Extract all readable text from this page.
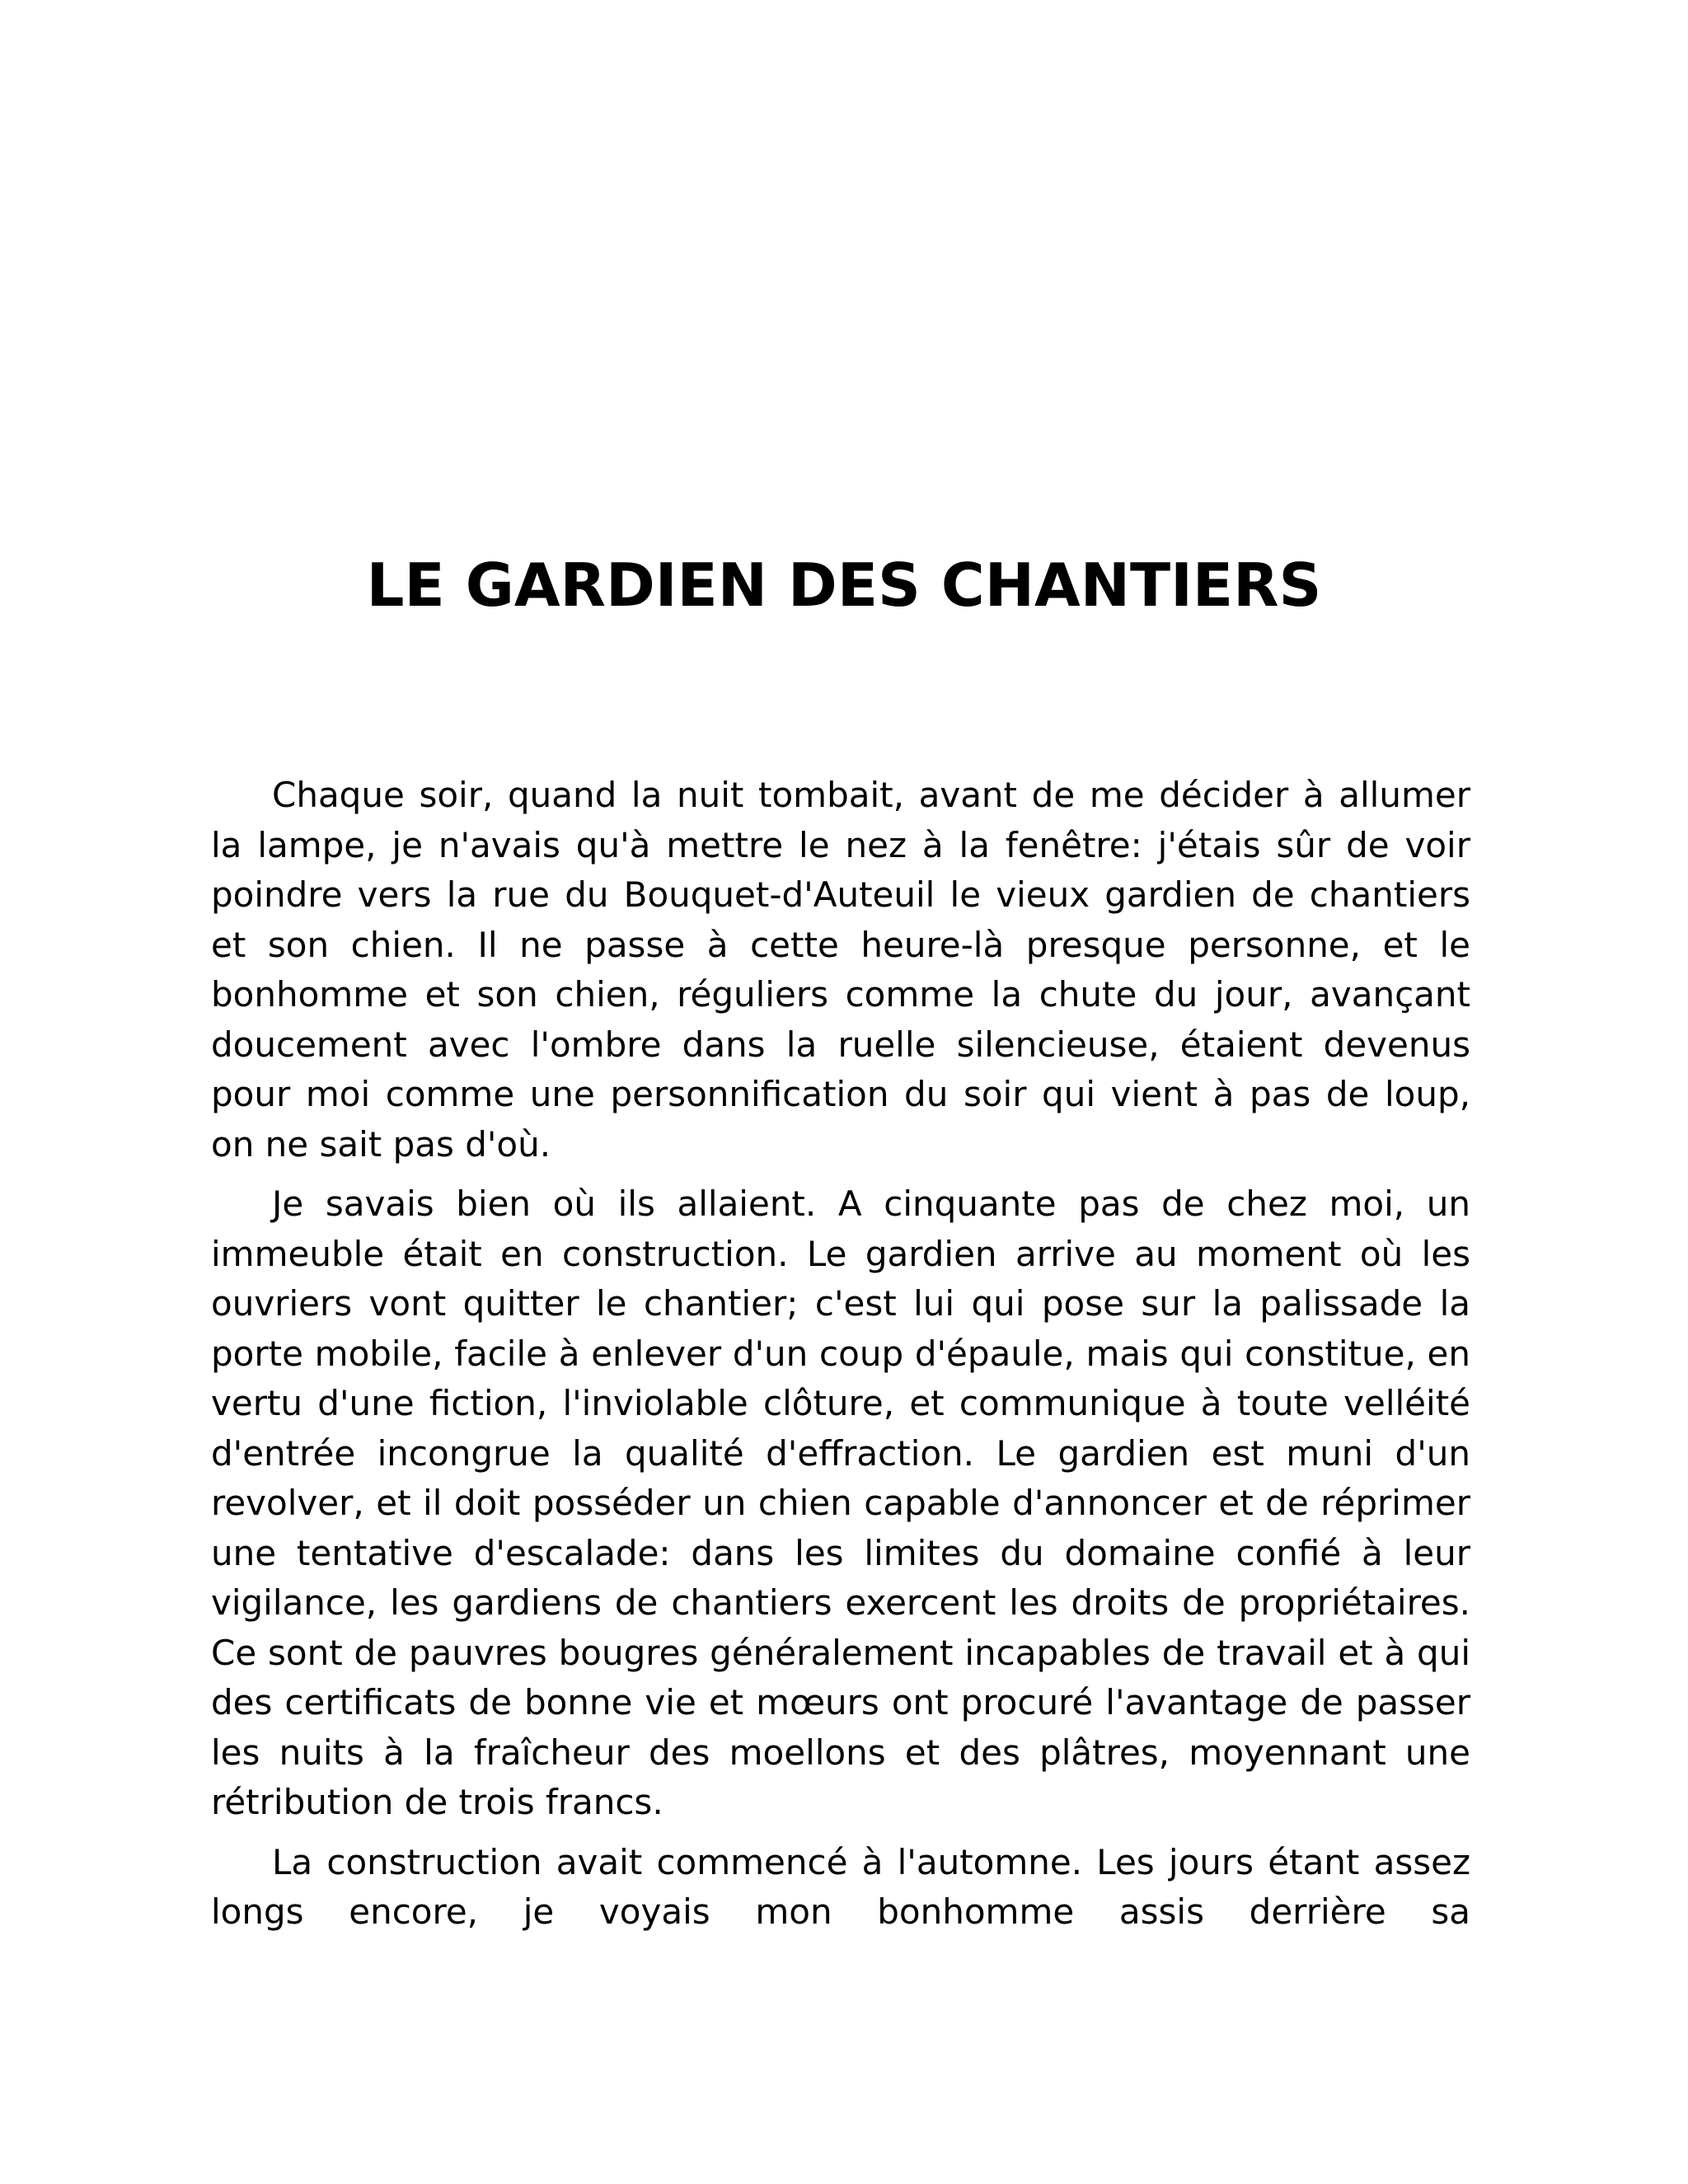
LE GARDIEN DES CHANTIERS

Chaque soir, quand la nuit tombait, avant de me décider à allumer la lampe, je n'avais qu'à mettre le nez à la fenêtre: j'étais sûr de voir poindre vers la rue du Bouquet-d'Auteuil le vieux gardien de chantiers et son chien. Il ne passe à cette heure-là presque personne, et le bonhomme et son chien, réguliers comme la chute du jour, avançant doucement avec l'ombre dans la ruelle silencieuse, étaient devenus pour moi comme une personnification du soir qui vient à pas de loup, on ne sait pas d'où.

Je savais bien où ils allaient. A cinquante pas de chez moi, un immeuble était en construction. Le gardien arrive au moment où les ouvriers vont quitter le chantier; c'est lui qui pose sur la palissade la porte mobile, facile à enlever d'un coup d'épaule, mais qui constitue, en vertu d'une fiction, l'inviolable clôture, et communique à toute velléité d'entrée incongrue la qualité d'effraction. Le gardien est muni d'un revolver, et il doit posséder un chien capable d'annoncer et de réprimer une tentative d'escalade: dans les limites du domaine confié à leur vigilance, les gardiens de chantiers exercent les droits de propriétaires. Ce sont de pauvres bougres généralement incapables de travail et à qui des certificats de bonne vie et mœurs ont procuré l'avantage de passer les nuits à la fraîcheur des moellons et des plâtres, moyennant une rétribution de trois francs.

La construction avait commencé à l'automne. Les jours étant assez longs encore, je voyais mon bonhomme assis derrière sa
